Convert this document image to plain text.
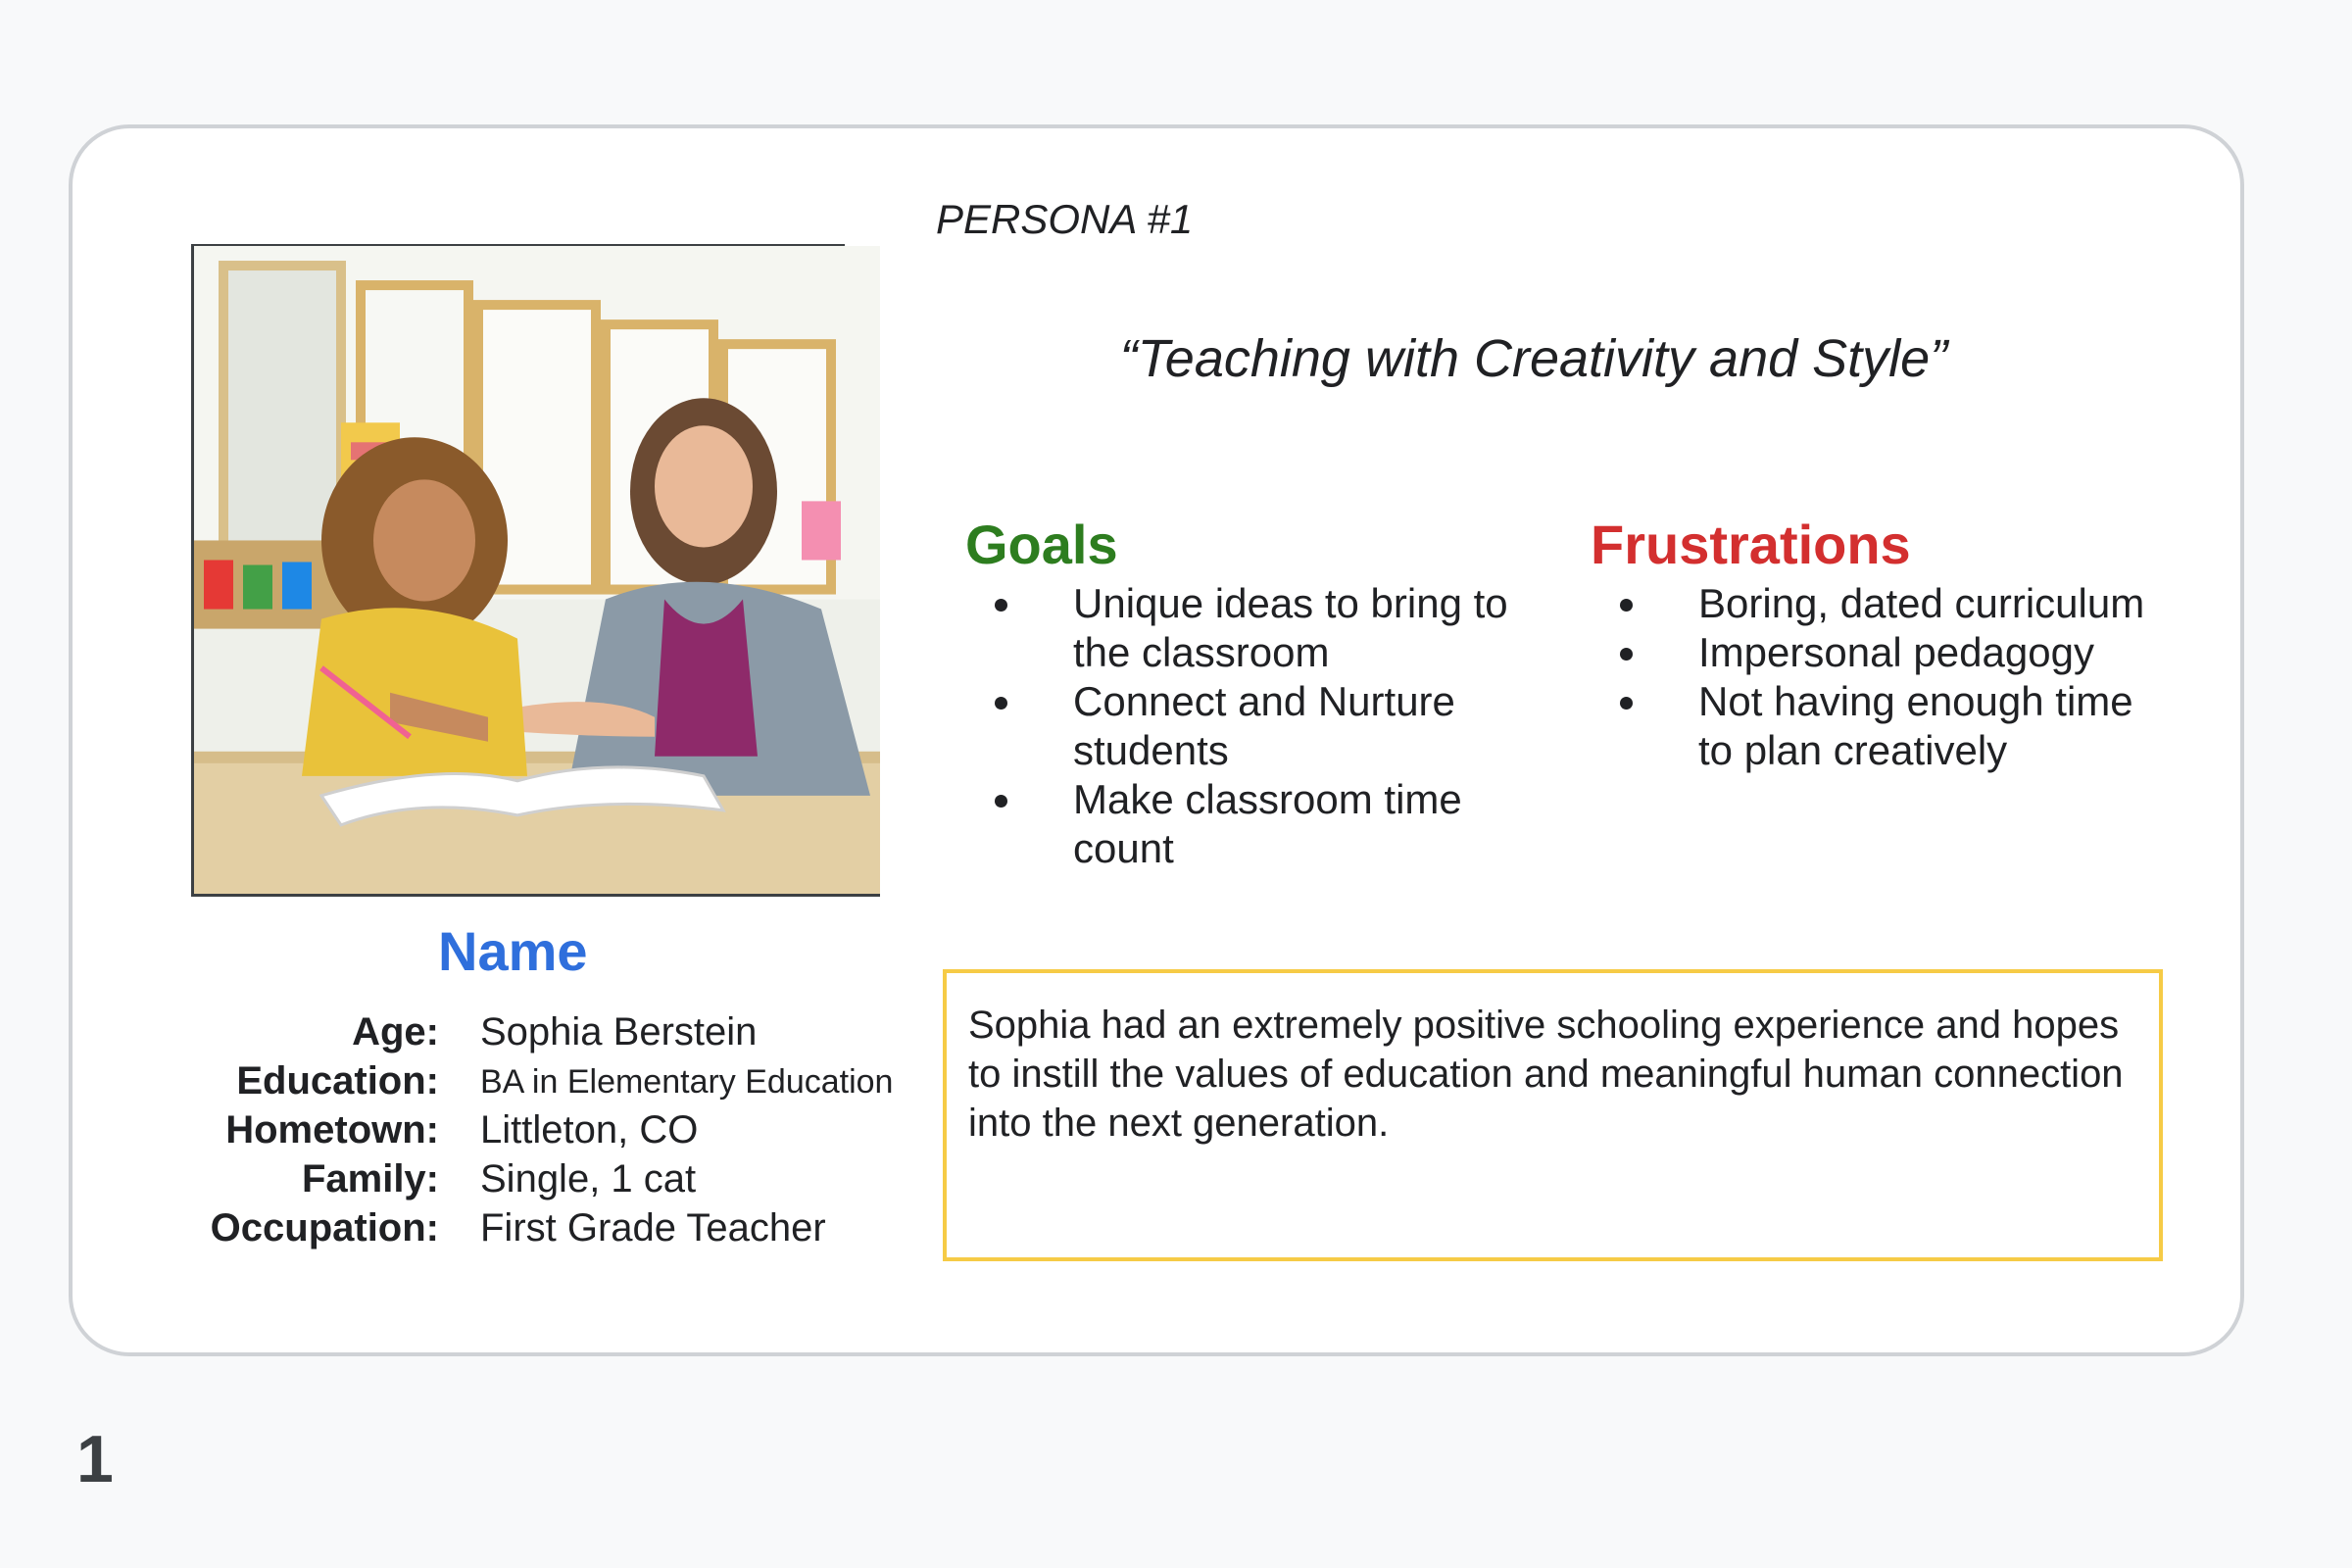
PERSONA #1
“Teaching with Creativity and Style”
Goals
Unique ideas to bring to the classroom
Connect and Nurture students
Make classroom time count
Frustrations
Boring, dated curriculum
Impersonal pedagogy
Not having enough time to plan creatively
Name
Age: Sophia Berstein
Education: BA in Elementary Education
Hometown: Littleton, CO
Family: Single, 1 cat
Occupation: First Grade Teacher
Sophia had an extremely positive schooling experience and hopes to instill the values of education and meaningful human connection into the next generation.
1
